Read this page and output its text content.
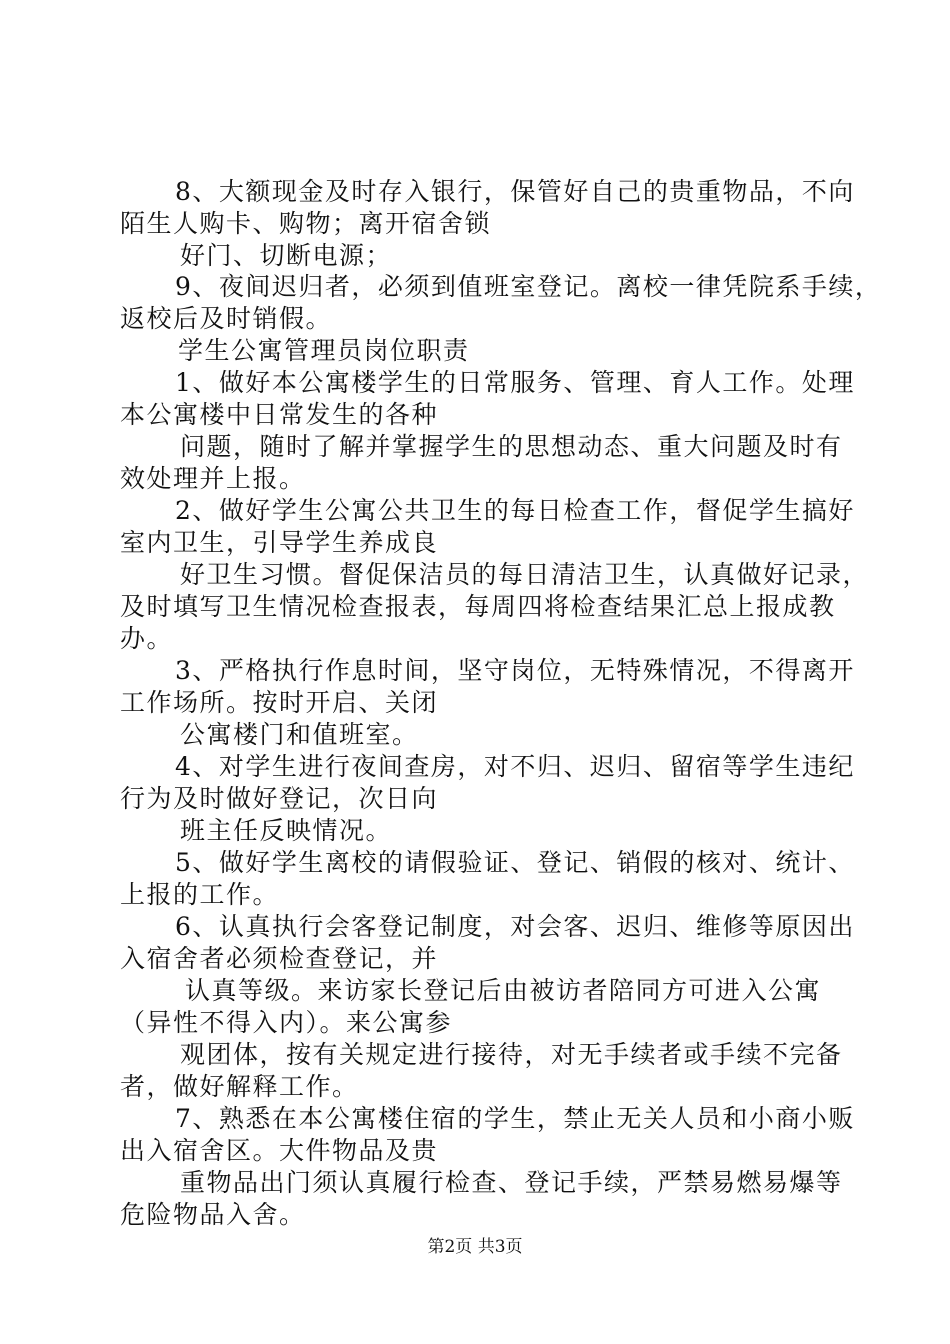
8、大额现金及时存入银行，保管好自己的贵重物品，不向
陌生人购卡、购物；离开宿舍锁
好门、切断电源；
9、夜间迟归者，必须到值班室登记。离校一律凭院系手续，
返校后及时销假。
学生公寓管理员岗位职责
1、做好本公寓楼学生的日常服务、管理、育人工作。处理
本公寓楼中日常发生的各种
问题，随时了解并掌握学生的思想动态、重大问题及时有
效处理并上报。
2、做好学生公寓公共卫生的每日检查工作，督促学生搞好
室内卫生，引导学生养成良
好卫生习惯。督促保洁员的每日清洁卫生，认真做好记录，
及时填写卫生情况检查报表，每周四将检查结果汇总上报成教
办。
3、严格执行作息时间，坚守岗位，无特殊情况，不得离开
工作场所。按时开启、关闭
公寓楼门和值班室。
4、对学生进行夜间查房，对不归、迟归、留宿等学生违纪
行为及时做好登记，次日向
班主任反映情况。
5、做好学生离校的请假验证、登记、销假的核对、统计、
上报的工作。
6、认真执行会客登记制度，对会客、迟归、维修等原因出
入宿舍者必须检查登记，并
认真等级。来访家长登记后由被访者陪同方可进入公寓
（异性不得入内）。来公寓参
观团体，按有关规定进行接待，对无手续者或手续不完备
者，做好解释工作。
7、熟悉在本公寓楼住宿的学生，禁止无关人员和小商小贩
出入宿舍区。大件物品及贵
重物品出门须认真履行检查、登记手续，严禁易燃易爆等
危险物品入舍。
第2页 共3页
